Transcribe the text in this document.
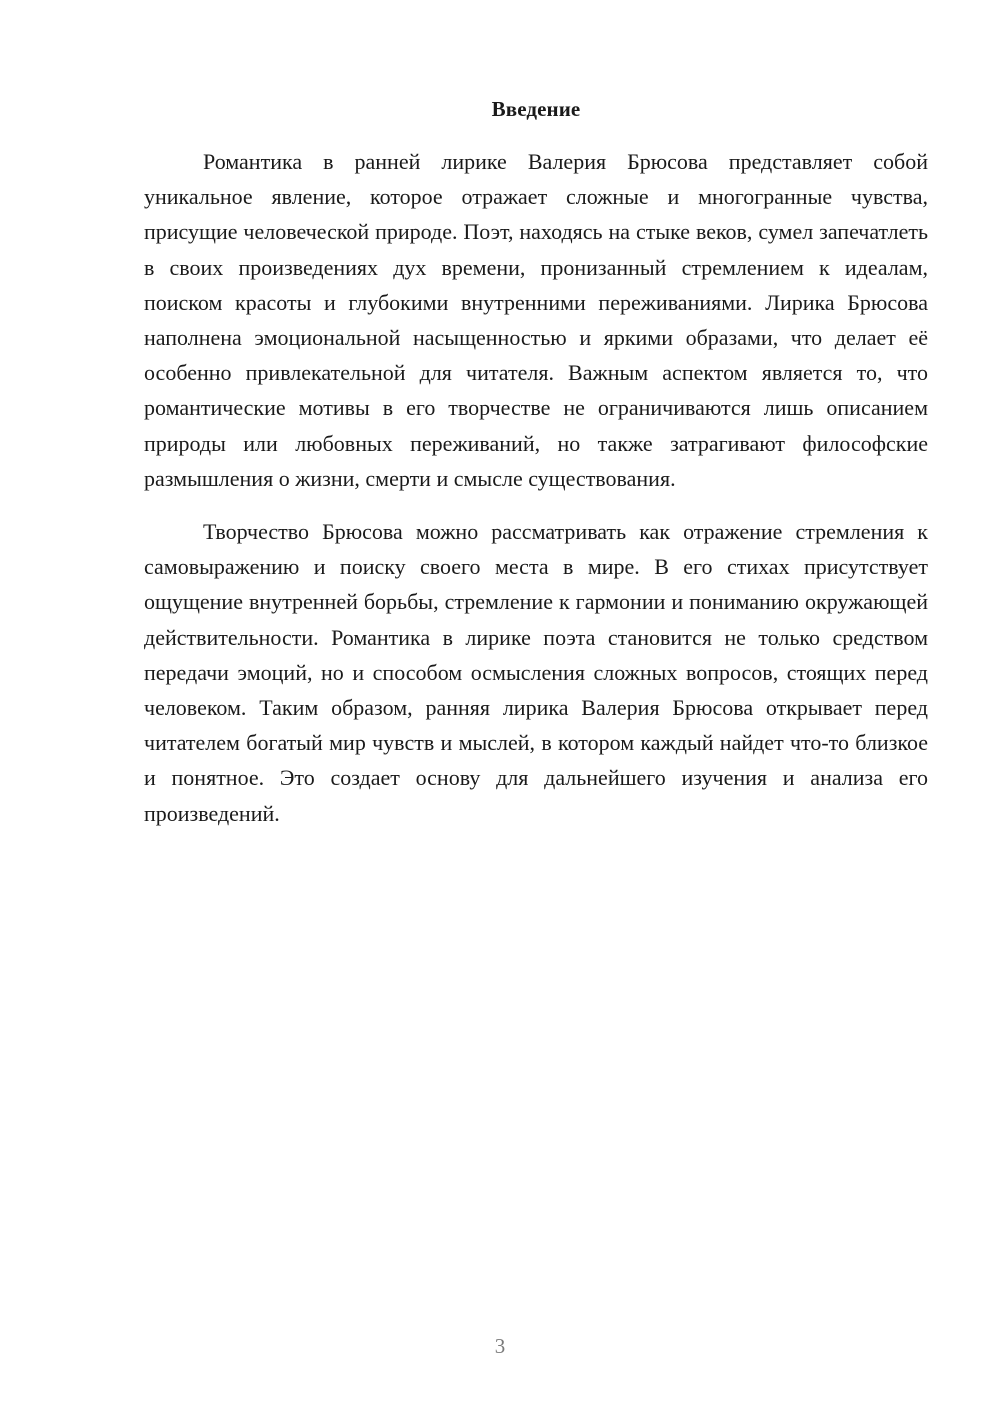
Введение

Романтика в ранней лирике Валерия Брюсова представляет собой уникальное явление, которое отражает сложные и многогранные чувства, присущие человеческой природе. Поэт, находясь на стыке веков, сумел запечатлеть в своих произведениях дух времени, пронизанный стремлением к идеалам, поиском красоты и глубокими внутренними переживаниями. Лирика Брюсова наполнена эмоциональной насыщенностью и яркими образами, что делает её особенно привлекательной для читателя. Важным аспектом является то, что романтические мотивы в его творчестве не ограничиваются лишь описанием природы или любовных переживаний, но также затрагивают философские размышления о жизни, смерти и смысле существования.

Творчество Брюсова можно рассматривать как отражение стремления к самовыражению и поиску своего места в мире. В его стихах присутствует ощущение внутренней борьбы, стремление к гармонии и пониманию окружающей действительности. Романтика в лирике поэта становится не только средством передачи эмоций, но и способом осмысления сложных вопросов, стоящих перед человеком. Таким образом, ранняя лирика Валерия Брюсова открывает перед читателем богатый мир чувств и мыслей, в котором каждый найдет что-то близкое и понятное. Это создает основу для дальнейшего изучения и анализа его произведений.

3
